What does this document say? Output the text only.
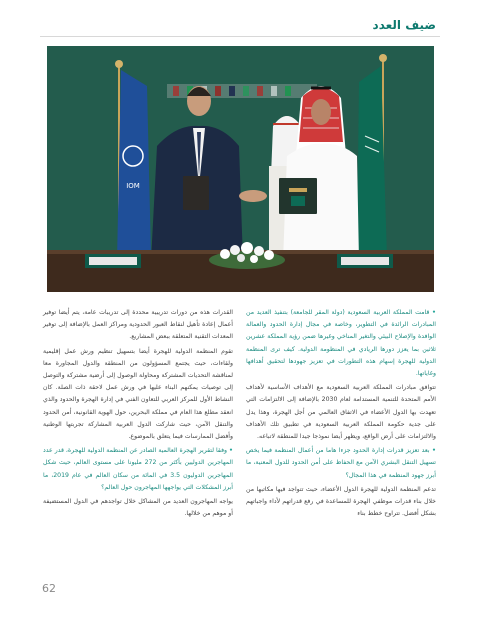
ضيف العدد
IOM

• قامت المملكة العربية السعودية (دولة المقر للجامعة) بتنفيذ العديد من المبادرات الرائدة في التطوير، وخاصة في مجال إدارة الحدود والعمالة الوافدة والإصلاح البيئي والتغير المناخي وغيرها ضمن رؤية المملكة عشرين ثلاثين بما يعزز دورها الريادي في المنظومة الدولية. كيف ترى المنظمة الدولية للهجرة إسهام هذه التطورات في تعزيز جهودها لتحقيق أهدافها وغاياتها.

تتوافق مبادرات المملكة العربية السعودية مع الأهداف الأساسية لأهداف الأمم المتحدة للتنمية المستدامة لعام 2030 بالإضافة إلى الالتزامات التي تعهدت بها الدول الأعضاء في الاتفاق العالمي من أجل الهجرة، وهذا يدل على جدية حكومة المملكة العربية السعودية في تطبيق تلك الأهداف والالتزامات على أرض الواقع، ويظهر أيضا نموذجا جيدا للمنطقة لاتباعه.

• بعد تعزيز قدرات إدارة الحدود جزءا هاما من أعمال المنظمة فيما يخص تسهيل التنقل البشري الآمن مع الحفاظ على أمن الحدود للدول المعنية، ما أبرز جهود المنظمة في هذا المجال؟

تدعم المنظمة الدولية للهجرة الدول الأعضاء، حيث تتواجد فيها مكاتبها من خلال بناء قدرات موظفي الهجرة للمساعدة في رفع قدراتهم لأداء واجباتهم بشكل أفضل. تتراوح خطط بناء

القدرات هذه من دورات تدريبية محددة إلى تدريبات عامة، يتم أيضا توفير أعمال إعادة تأهيل لنقاط العبور الحدودية ومراكز العمل بالإضافة إلى توفير المعدات التقنية المتعلقة ببعض المشاريع.

تقوم المنظمة الدولية للهجرة أيضا بتسهيل تنظيم ورش عمل إقليمية ولقاءات، حيث يجتمع المسؤولون من المنطقة والدول المجاورة معا لمناقشة التحديات المشتركة ومحاولة الوصول إلى أرضية مشتركة والتوصل إلى توصيات يمكنهم البناء عليها في ورش عمل لاحقة ذات الصلة. كان النشاط الأول للمركز العربي للتعاون الفني في إدارة الهجرة والحدود والذي انعقد مطلع هذا العام في مملكة البحرين، حول الهوية القانونية، أمن الحدود والتنقل الآمن، حيث شاركت الدول العربية المشاركة تجربتها الوطنية وأفضل الممارسات فيما يتعلق بالموضوع.

• وفقا لتقرير الهجرة العالمية الصادر عن المنظمة الدولية للهجرة، قدر عدد المهاجرين الدوليين بأكثر من 272 مليونا على مستوى العالم، حيث شكل المهاجرين الدوليون 3.5 في المائة من سكان العالم في عام 2019، ما أبرز المشكلات التي يواجهها المهاجرون حول العالم؟

يواجه المهاجرون العديد من المشاكل خلال تواجدهم في الدول المستضيفة أو موهم من خلالها.

62
